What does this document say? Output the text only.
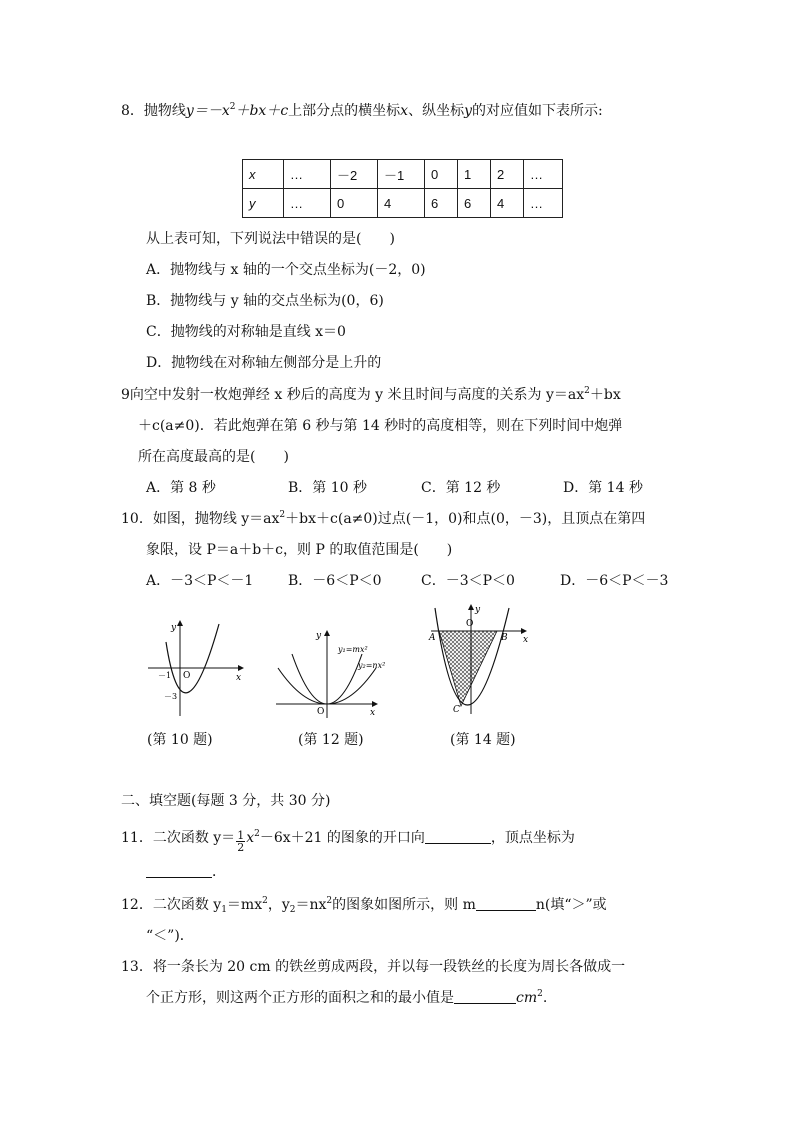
8．抛物线$y=-x^2+bx+c$上部分点的横坐标x、纵坐标y的对应值如下表所示:
x	…	－2	－1	0	1	2	…
y	…	0	4	6	6	4	…
从上表可知，下列说法中错误的是(　　)
A．抛物线与 x 轴的一个交点坐标为(－2，0)
B．抛物线与 y 轴的交点坐标为(0，6)
C．抛物线的对称轴是直线 x＝0
D．抛物线在对称轴左侧部分是上升的
9向空中发射一枚炮弹经 x 秒后的高度为 y 米且时间与高度的关系为 $y=ax^2+bx$
＋c(a≠0)．若此炮弹在第 6 秒与第 14 秒时的高度相等，则在下列时间中炮弹
所在高度最高的是(　　)
A．第 8 秒	B．第 10 秒	C．第 12 秒	D．第 14 秒
10．如图，抛物线 $y=ax^2+bx+c(a\ne 0)$过点(－1，0)和点(0，－3)，且顶点在第四
象限，设 P＝a＋b＋c，则 P 的取值范围是(　　)
A．－3＜P＜－1 B．－6＜P＜0	C．－3＜P＜0	D．－6＜P＜－3
y
x
O
－1
－3
(第 10 题)
y
x
O
y₁=mx²
y₂=nx²
(第 12 题)
y
x
O
A	B
C
(第 14 题)
二、填空题(每题 3 分，共 30 分)
11．二次函数 $y= \frac{1}{2} x^2-6x+21$ 的图象的开口向	，顶点坐标为
．
12．二次函数 $y_1=mx^2$，$y_2=nx^2$的图象如图所示，则 m	n(填“＞”或
“＜”)．
13．将一条长为 20 cm 的铁丝剪成两段，并以每一段铁丝的长度为周长各做成一
个正方形，则这两个正方形的面积之和的最小值是	$cm^2$.
